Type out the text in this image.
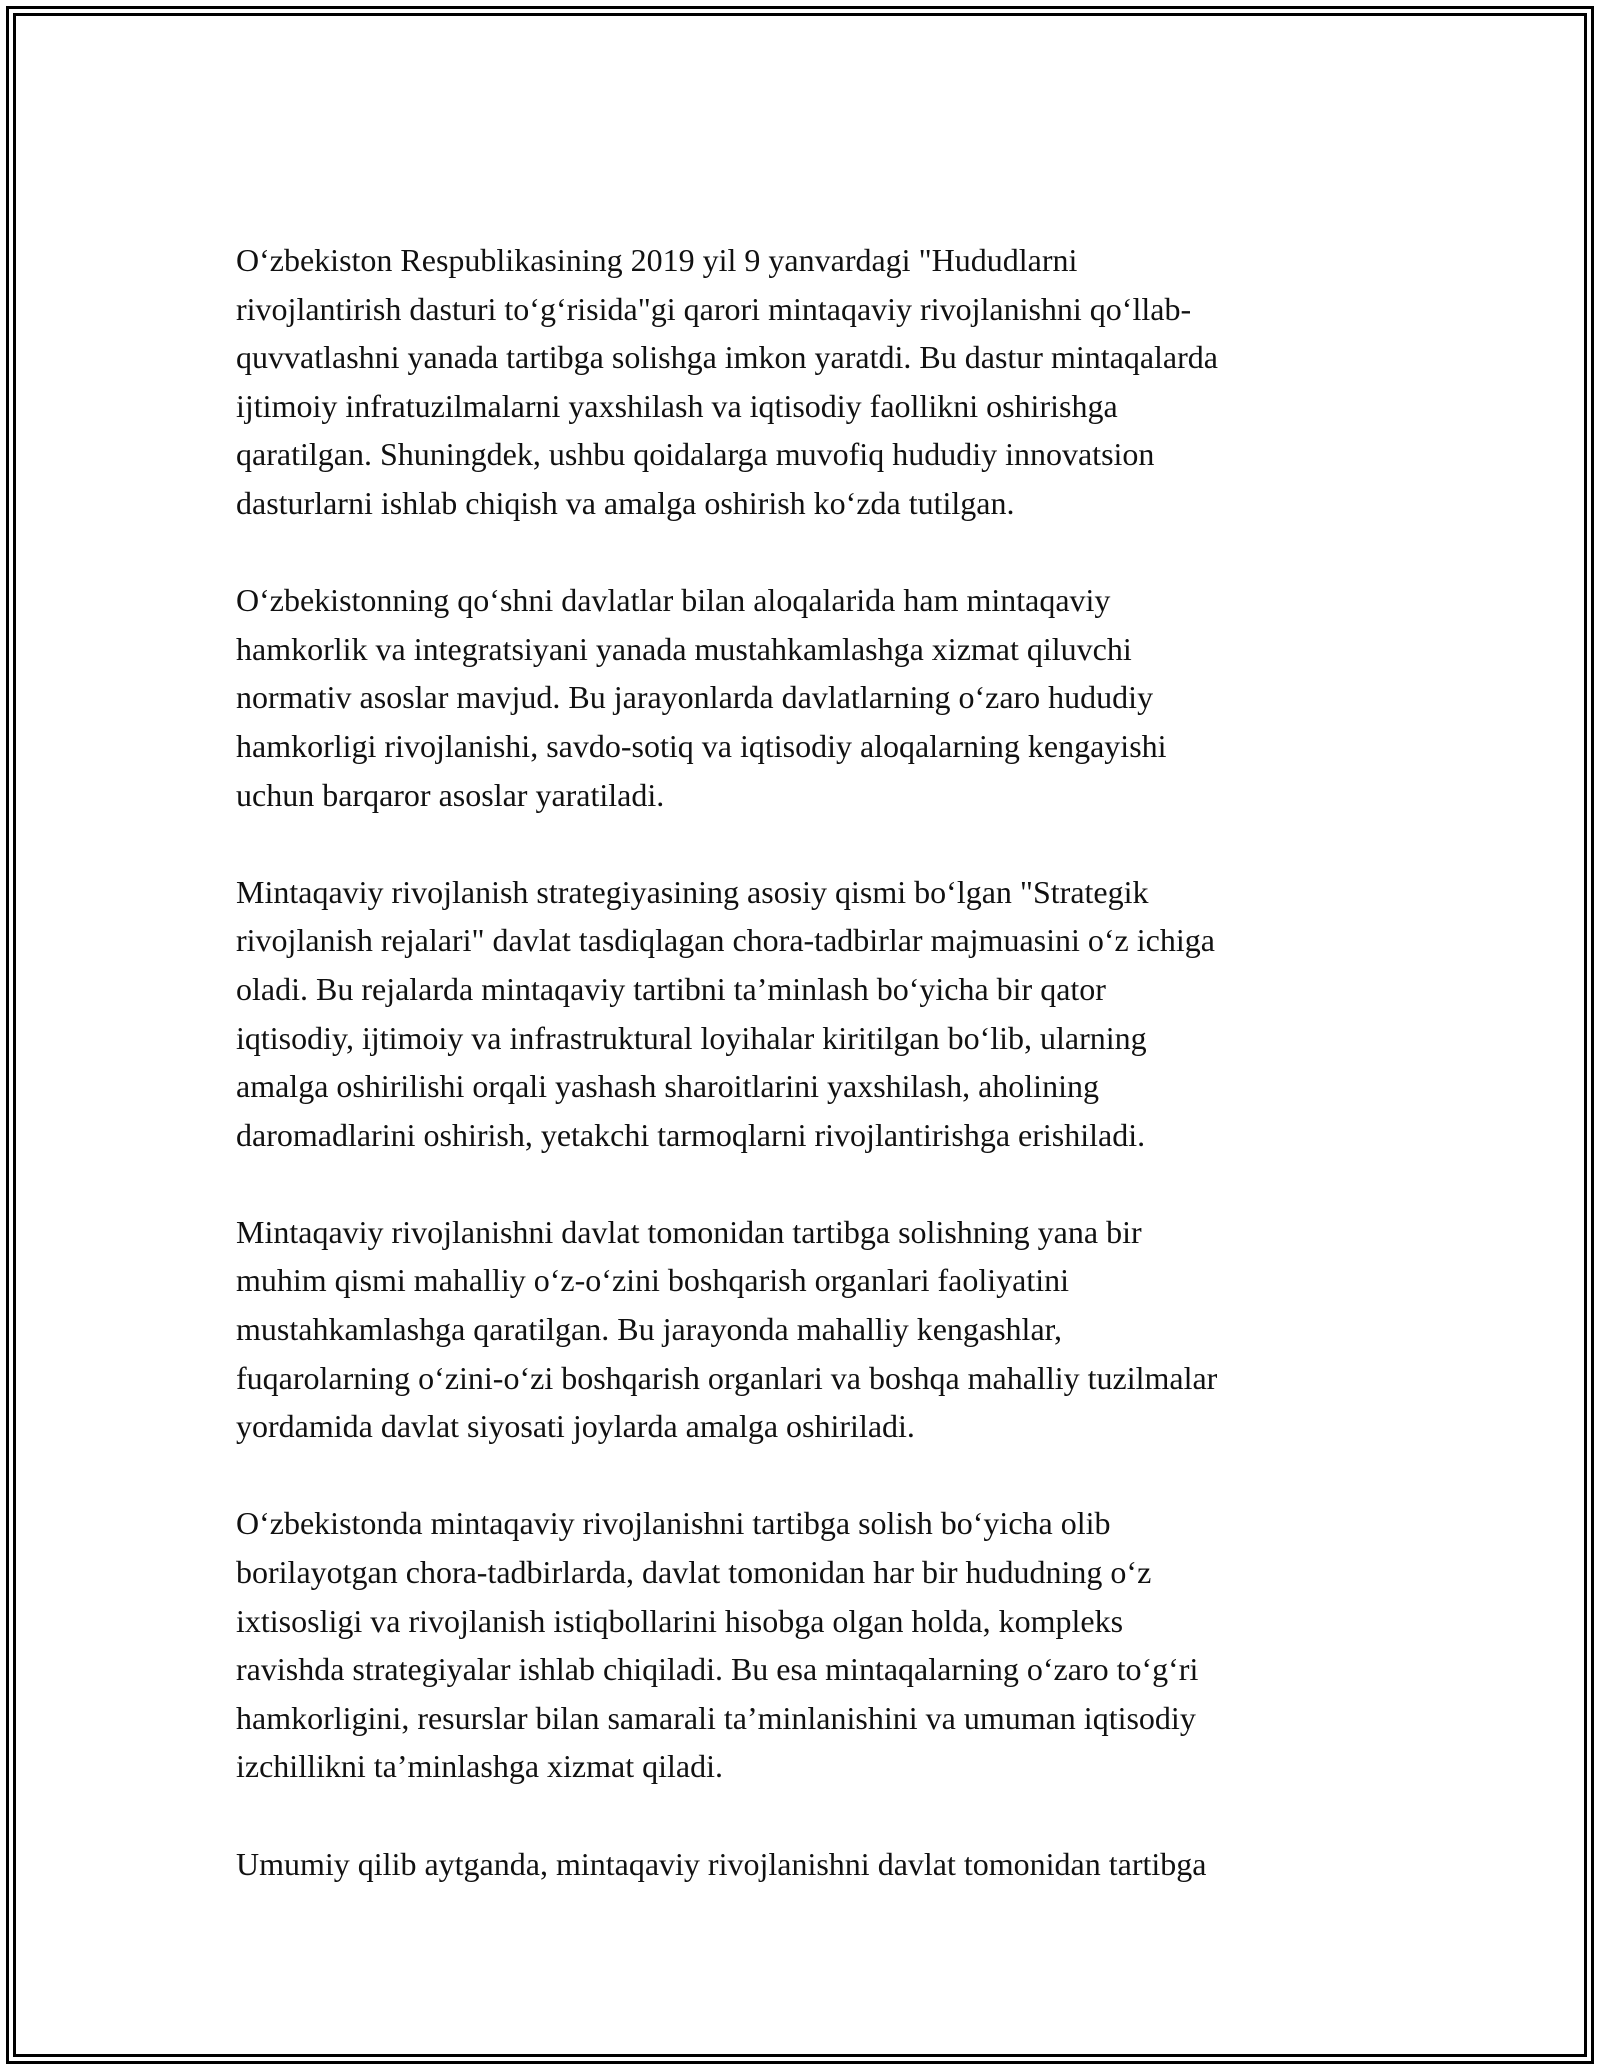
O‘zbekiston Respublikasining 2019 yil 9 yanvardagi "Hududlarni
rivojlantirish dasturi to‘g‘risida"gi qarori mintaqaviy rivojlanishni qo‘llab-
quvvatlashni yanada tartibga solishga imkon yaratdi. Bu dastur mintaqalarda
ijtimoiy infratuzilmalarni yaxshilash va iqtisodiy faollikni oshirishga
qaratilgan. Shuningdek, ushbu qoidalarga muvofiq hududiy innovatsion
dasturlarni ishlab chiqish va amalga oshirish ko‘zda tutilgan.

O‘zbekistonning qo‘shni davlatlar bilan aloqalarida ham mintaqaviy
hamkorlik va integratsiyani yanada mustahkamlashga xizmat qiluvchi
normativ asoslar mavjud. Bu jarayonlarda davlatlarning o‘zaro hududiy
hamkorligi rivojlanishi, savdo-sotiq va iqtisodiy aloqalarning kengayishi
uchun barqaror asoslar yaratiladi.

Mintaqaviy rivojlanish strategiyasining asosiy qismi bo‘lgan "Strategik
rivojlanish rejalari" davlat tasdiqlagan chora-tadbirlar majmuasini o‘z ichiga
oladi. Bu rejalarda mintaqaviy tartibni ta’minlash bo‘yicha bir qator
iqtisodiy, ijtimoiy va infrastruktural loyihalar kiritilgan bo‘lib, ularning
amalga oshirilishi orqali yashash sharoitlarini yaxshilash, aholining
daromadlarini oshirish, yetakchi tarmoqlarni rivojlantirishga erishiladi.

Mintaqaviy rivojlanishni davlat tomonidan tartibga solishning yana bir
muhim qismi mahalliy o‘z-o‘zini boshqarish organlari faoliyatini
mustahkamlashga qaratilgan. Bu jarayonda mahalliy kengashlar,
fuqarolarning o‘zini-o‘zi boshqarish organlari va boshqa mahalliy tuzilmalar
yordamida davlat siyosati joylarda amalga oshiriladi.

O‘zbekistonda mintaqaviy rivojlanishni tartibga solish bo‘yicha olib
borilayotgan chora-tadbirlarda, davlat tomonidan har bir hududning o‘z
ixtisosligi va rivojlanish istiqbollarini hisobga olgan holda, kompleks
ravishda strategiyalar ishlab chiqiladi. Bu esa mintaqalarning o‘zaro to‘g‘ri
hamkorligini, resurslar bilan samarali ta’minlanishini va umuman iqtisodiy
izchillikni ta’minlashga xizmat qiladi.

Umumiy qilib aytganda, mintaqaviy rivojlanishni davlat tomonidan tartibga
